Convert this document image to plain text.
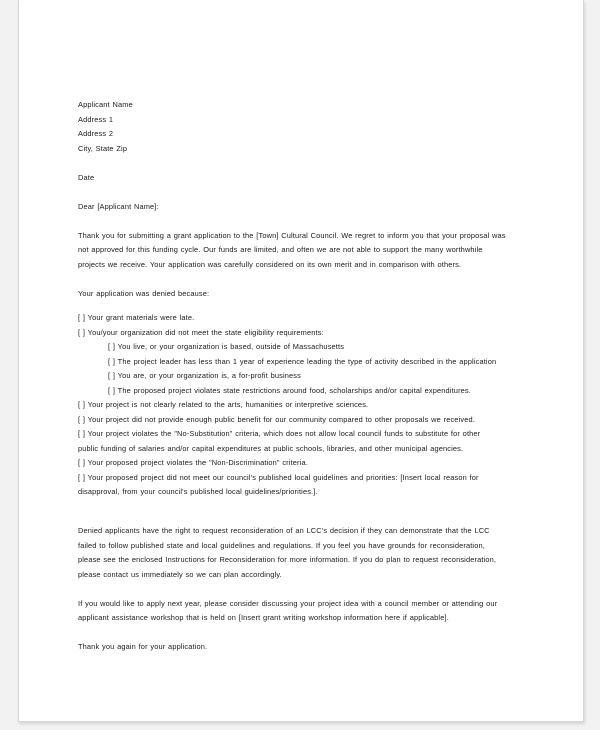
Applicant Name
Address 1
Address 2
City, State Zip
Date
Dear [Applicant Name]:
Thank you for submitting a grant application to the [Town] Cultural Council. We regret to inform you that your proposal was
not approved for this funding cycle. Our funds are limited, and often we are not able to support the many worthwhile
projects we receive. Your application was carefully considered on its own merit and in comparison with others.
Your application was denied because:
[ ] Your grant materials were late.
[ ] You/your organization did not meet the state eligibility requirements:
[ ] You live, or your organization is based, outside of Massachusetts
[ ] The project leader has less than 1 year of experience leading the type of activity described in the application
[ ] You are, or your organization is, a for-profit business
[ ] The proposed project violates state restrictions around food, scholarships and/or capital expenditures.
[ ] Your project is not clearly related to the arts, humanities or interpretive sciences.
[ ] Your project did not provide enough public benefit for our community compared to other proposals we received.
[ ] Your project violates the "No-Substitution" criteria, which does not allow local council funds to substitute for other
public funding of salaries and/or capital expenditures at public schools, libraries, and other municipal agencies.
[ ] Your proposed project violates the "Non-Discrimination" criteria.
[ ] Your proposed project did not meet our council's published local guidelines and priorities: [Insert local reason for
disapproval, from your council's published local guidelines/priorities.].
Denied applicants have the right to request reconsideration of an LCC's decision if they can demonstrate that the LCC
failed to follow published state and local guidelines and regulations. If you feel you have grounds for reconsideration,
please see the enclosed Instructions for Reconsideration for more information. If you do plan to request reconsideration,
please contact us immediately so we can plan accordingly.
If you would like to apply next year, please consider discussing your project idea with a council member or attending our
applicant assistance workshop that is held on [Insert grant writing workshop information here if applicable].
Thank you again for your application.
